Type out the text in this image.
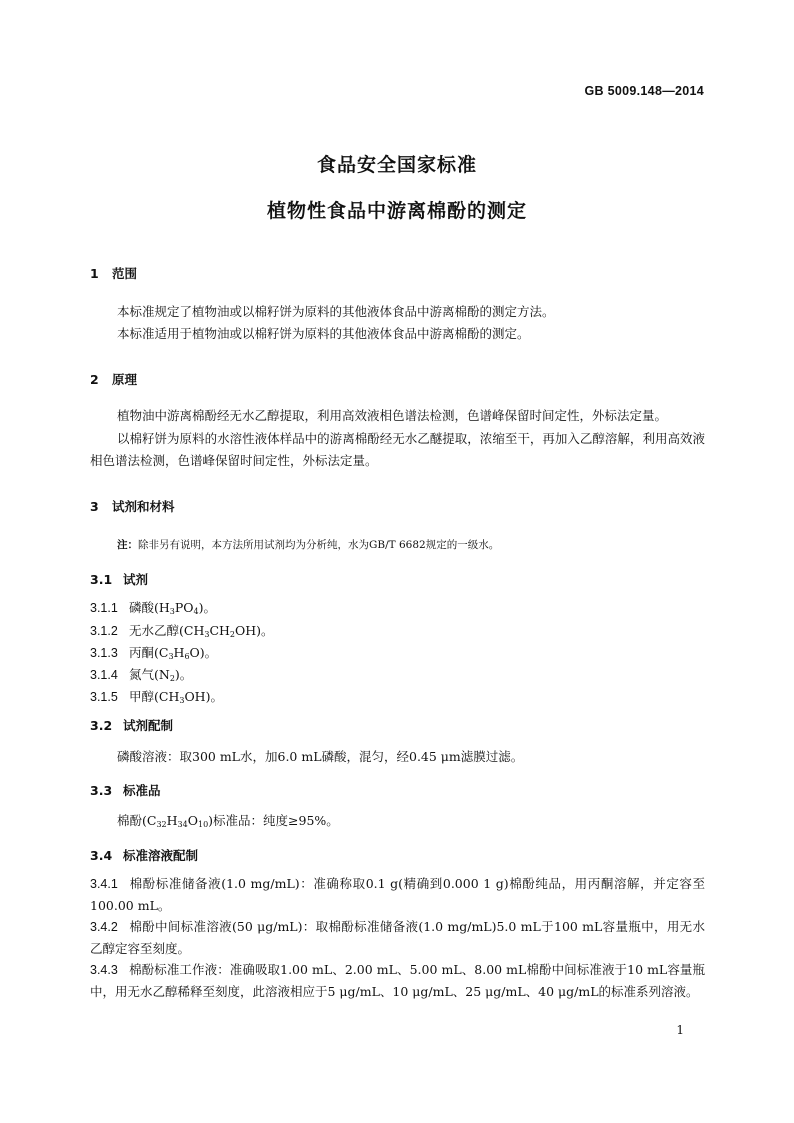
GB 5009.148—2014
食品安全国家标准
植物性食品中游离棉酚的测定
1 范围
本标准规定了植物油或以棉籽饼为原料的其他液体食品中游离棉酚的测定方法。
本标准适用于植物油或以棉籽饼为原料的其他液体食品中游离棉酚的测定。
2 原理
植物油中游离棉酚经无水乙醇提取，利用高效液相色谱法检测，色谱峰保留时间定性，外标法定量。
以棉籽饼为原料的水溶性液体样品中的游离棉酚经无水乙醚提取，浓缩至干，再加入乙醇溶解，利用高效液相色谱法检测，色谱峰保留时间定性，外标法定量。
3 试剂和材料
注：除非另有说明，本方法所用试剂均为分析纯，水为GB/T 6682规定的一级水。
3.1 试剂
3.1.1 磷酸$(H_3PO_4)$。
3.1.2 无水乙醇$(CH_3CH_2OH)$。
3.1.3 丙酮$(C_3H_6O)$。
3.1.4 氮气$(N_2)$。
3.1.5 甲醇$(CH_3OH)$。
3.2 试剂配制
磷酸溶液：取300 mL水，加6.0 mL磷酸，混匀，经0.45 μm滤膜过滤。
3.3 标准品
棉酚$(C_{32}H_{34}O_{10})$标准品：纯度≥95%。
3.4 标准溶液配制
3.4.1 棉酚标准储备液(1.0 mg/mL)：准确称取0.1 g(精确到0.000 1 g)棉酚纯品，用丙酮溶解，并定容至100.00 mL。
3.4.2 棉酚中间标准溶液(50 μg/mL)：取棉酚标准储备液(1.0 mg/mL)5.0 mL于100 mL容量瓶中，用无水乙醇定容至刻度。
3.4.3 棉酚标准工作液：准确吸取1.00 mL、2.00 mL、5.00 mL、8.00 mL棉酚中间标准液于10 mL容量瓶中，用无水乙醇稀释至刻度，此溶液相应于5 μg/mL、10 μg/mL、25 μg/mL、40 μg/mL的标准系列溶液。
1
